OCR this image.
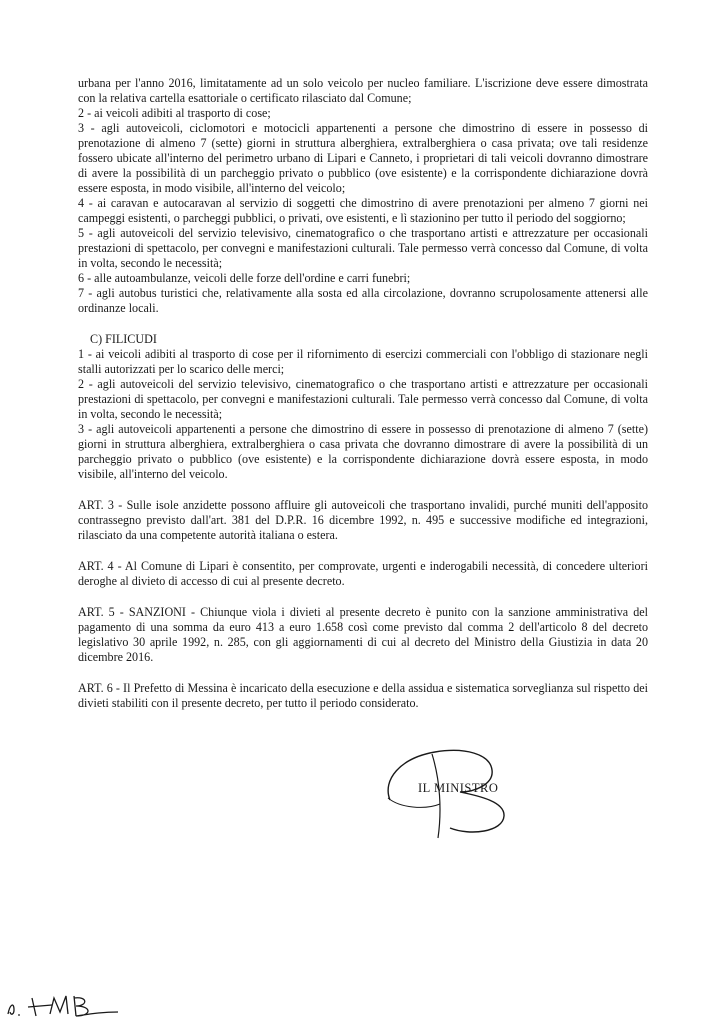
urbana per l'anno 2016, limitatamente ad un solo veicolo per nucleo familiare. L'iscrizione deve essere dimostrata con la relativa cartella esattoriale o certificato rilasciato dal Comune;

2 - ai veicoli adibiti al trasporto di cose;

3 - agli autoveicoli, ciclomotori e motocicli appartenenti a persone che dimostrino di essere in possesso di prenotazione di almeno 7 (sette) giorni in struttura alberghiera, extralberghiera o casa privata; ove tali residenze fossero ubicate all'interno del perimetro urbano di Lipari e Canneto, i proprietari di tali veicoli dovranno dimostrare di avere la possibilità di un parcheggio privato o pubblico (ove esistente) e la corrispondente dichiarazione dovrà essere esposta, in modo visibile, all'interno del veicolo;

4 - ai caravan e autocaravan al servizio di soggetti che dimostrino di avere prenotazioni per almeno 7 giorni nei campeggi esistenti, o parcheggi pubblici, o privati, ove esistenti, e lì stazionino per tutto il periodo del soggiorno;

5 - agli autoveicoli del servizio televisivo, cinematografico o che trasportano artisti e attrezzature per occasionali prestazioni di spettacolo, per convegni e manifestazioni culturali. Tale permesso verrà concesso dal Comune, di volta in volta, secondo le necessità;

6 - alle autoambulanze, veicoli delle forze dell'ordine e carri funebri;

7 - agli autobus turistici che, relativamente alla sosta ed alla circolazione, dovranno scrupolosamente attenersi alle ordinanze locali.

C) FILICUDI

1 - ai veicoli adibiti al trasporto di cose per il rifornimento di esercizi commerciali con l'obbligo di stazionare negli stalli autorizzati per lo scarico delle merci;

2 - agli autoveicoli del servizio televisivo, cinematografico o che trasportano artisti e attrezzature per occasionali prestazioni di spettacolo, per convegni e manifestazioni culturali. Tale permesso verrà concesso dal Comune, di volta in volta, secondo le necessità;

3 - agli autoveicoli appartenenti a persone che dimostrino di essere in possesso di prenotazione di almeno 7 (sette) giorni in struttura alberghiera, extralberghiera o casa privata che dovranno dimostrare di avere la possibilità di un parcheggio privato o pubblico (ove esistente) e la corrispondente dichiarazione dovrà essere esposta, in modo visibile, all'interno del veicolo.

ART. 3 - Sulle isole anzidette possono affluire gli autoveicoli che trasportano invalidi, purché muniti dell'apposito contrassegno previsto dall'art. 381 del D.P.R. 16 dicembre 1992, n. 495 e successive modifiche ed integrazioni, rilasciato da una competente autorità italiana o estera.

ART. 4 - Al Comune di Lipari è consentito, per comprovate, urgenti e inderogabili necessità, di concedere ulteriori deroghe al divieto di accesso di cui al presente decreto.

ART. 5 - SANZIONI - Chiunque viola i divieti al presente decreto è punito con la sanzione amministrativa del pagamento di una somma da euro 413 a euro 1.658 così come previsto dal comma 2 dell'articolo 8 del decreto legislativo 30 aprile 1992, n. 285, con gli aggiornamenti di cui al decreto del Ministro della Giustizia in data 20 dicembre 2016.

ART. 6 - Il Prefetto di Messina è incaricato della esecuzione e della assidua e sistematica sorveglianza sul rispetto dei divieti stabiliti con il presente decreto, per tutto il periodo considerato.

IL MINISTRO
